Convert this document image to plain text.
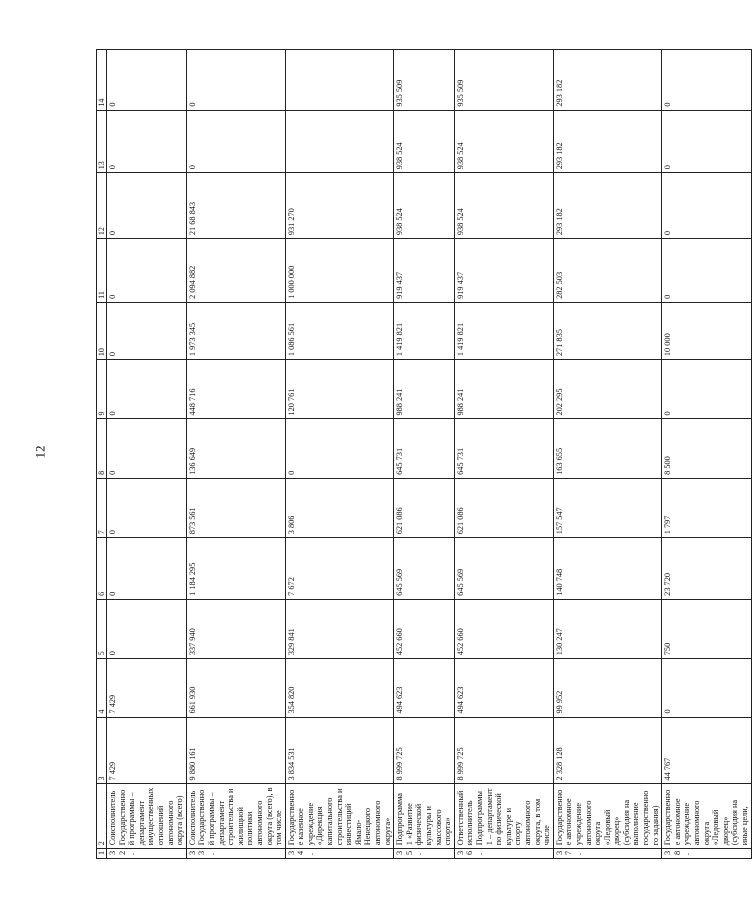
12
1	2	3	4	5	6	7	8	9	10	11	12	13	14
32.	Соисполнитель Государственной программы – департамент имущественных отношений автономного округа (всего)	7 429	7 429	0	0	0	0	0	0	0	0	0	0
33.	Соисполнитель Государственной программы – департамент строительства и жилищной политики автономного округа (всего), в том числе	9 880 161	661 930	337 940	1 184 295	873 561	136 649	448 716	1 973 345	2 094 882	21 68 843	0	0
34.	Государственное казенное учреждение «Дирекция капитального строительства и инвестиций Ямало-Ненецкого автономного округа»	3 834 531	354 820	329 841	7 672	3 806	0	120 761	1 086 561	1 000 000	931 270		
35.	Подпрограмма 1 «Развитие физической культуры и массового спорта»	8 999 725	494 623	452 660	645 569	621 086	645 731	988 241	1 419 821	919 437	938 524	938 524	935 509
36.	Ответственный исполнитель Подпрограммы 1 – департамент по физической культуре и спорту автономного округа, в том числе	8 999 725	494 623	452 660	645 569	621 086	645 731	988 241	1 419 821	919 437	938 524	938 524	935 509
37.	Государственное автономное учреждение автономного округа «Ледовый дворец» (субсидия на выполнение государственного задания)	2 328 128	99 952	130 247	140 748	157 547	163 655	202 295	271 835	282 503	293 182	293 182	293 182
38.	Государственное автономное учреждение автономного округа «Ледовый дворец» (субсидия на иные цели,	44 767	0	750	23 720	1 797	8 500	0	10 000	0	0	0	0
